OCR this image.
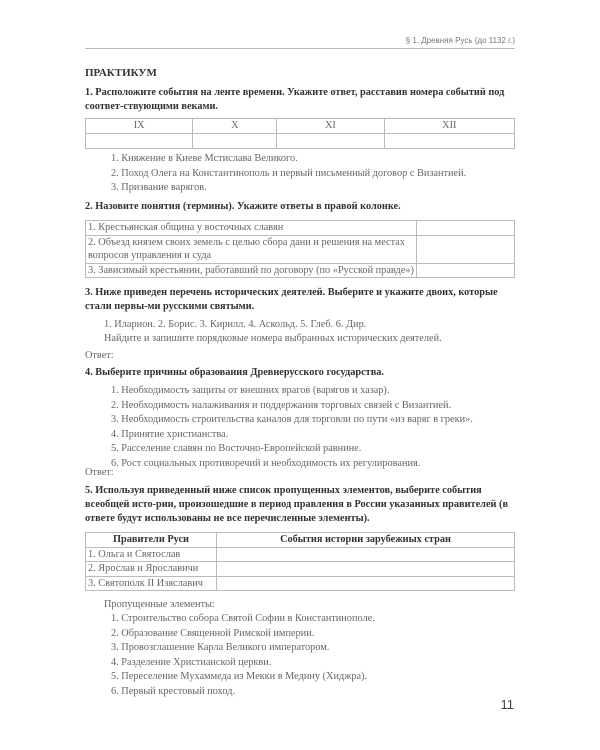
§ 1. Древняя Русь (до 1132 г.)
ПРАКТИКУМ
1. Расположите события на ленте времени. Укажите ответ, расставив номера событий под соответ-ствующими веками.
IX	X	XI	XII

1. Княжение в Киеве Мстислава Великого.
2. Поход Олега на Константинополь и первый письменный договор с Византией.
3. Призвание варягов.
2. Назовите понятия (термины). Укажите ответы в правой колонке.
1. Крестьянская община у восточных славян	
2. Объезд князем своих земель с целью сбора дани и решения на местах вопросов управления и суда	
3. Зависимый крестьянин, работавший по договору (по «Русской правде»)	
3. Ниже приведен перечень исторических деятелей. Выберите и укажите двоих, которые стали первы-ми русскими святыми.
1. Иларион. 2. Борис. 3. Кирилл. 4. Аскольд. 5. Глеб. 6. Дир.
Найдите и запишите порядковые номера выбранных исторических деятелей.
Ответ:
4. Выберите причины образования Древнерусского государства.
1. Необходимость защиты от внешних врагов (варягов и хазар).
2. Необходимость налаживания и поддержания торговых связей с Византией.
3. Необходимость строительства каналов для торговли по пути «из варяг в греки».
4. Принятие христианства.
5. Расселение славян по Восточно-Европейской равнине.
6. Рост социальных противоречий и необходимость их регулирования.
Ответ:
5. Используя приведенный ниже список пропущенных элементов, выберите события всеобщей исто-рии, произошедшие в период правления в России указанных правителей (в ответе будут использованы не все перечисленные элементы).
Правители Руси	События истории зарубежных стран
1. Ольга и Святослав	
2. Ярослав и Ярославичи	
3. Святополк II Изяславич	
Пропущенные элементы:
1. Строительство собора Святой Софии в Константинополе.
2. Образование Священной Римской империи.
3. Провозглашение Карла Великого императором.
4. Разделение Христианской церкви.
5. Переселение Мухаммеда из Мекки в Медину (Хиджра).
6. Первый крестовый поход.
11
